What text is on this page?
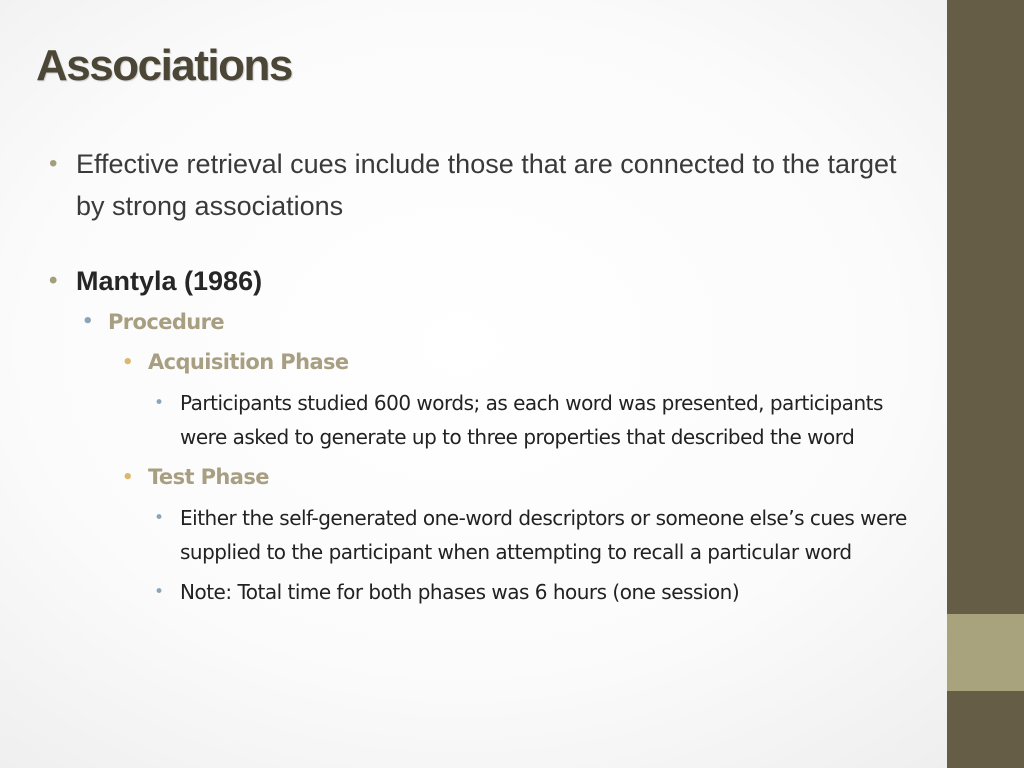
Associations
• Effective retrieval cues include those that are connected to the target by strong associations
• Mantyla (1986)
• Procedure
• Acquisition Phase
• Participants studied 600 words; as each word was presented, participants were asked to generate up to three properties that described the word
• Test Phase
• Either the self-generated one-word descriptors or someone else’s cues were supplied to the participant when attempting to recall a particular word
• Note: Total time for both phases was 6 hours (one session)
